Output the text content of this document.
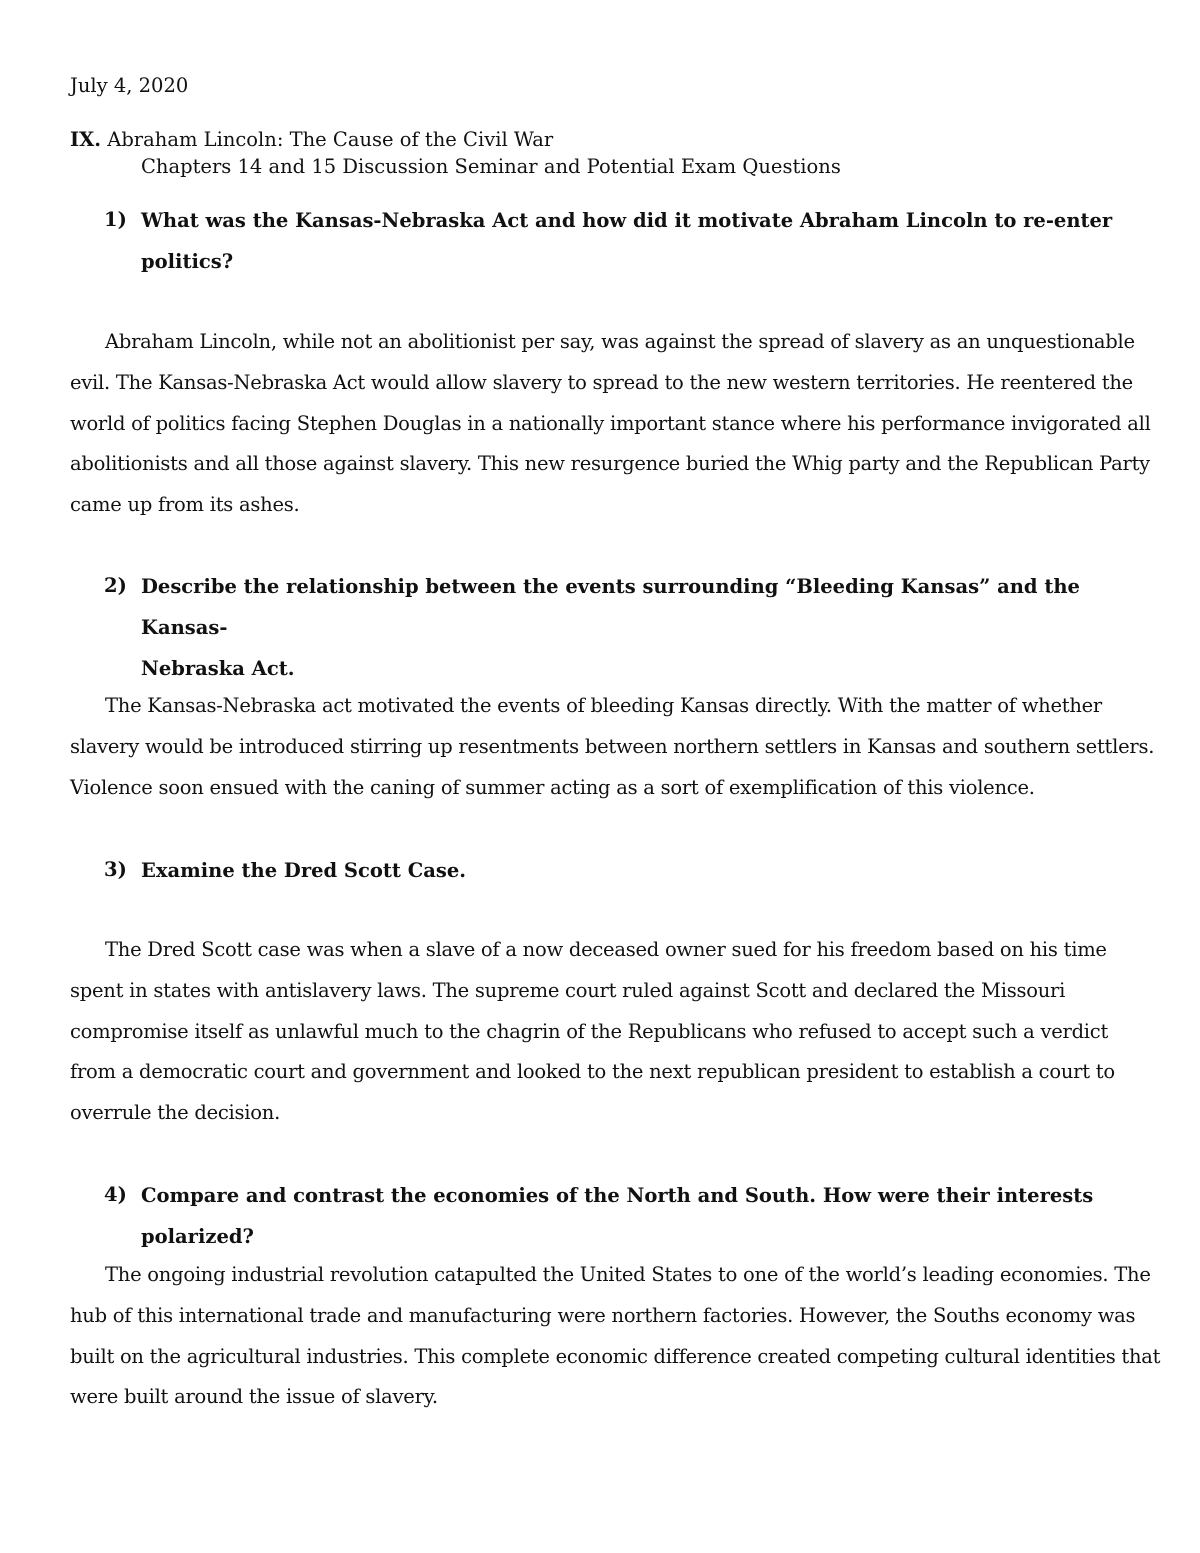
July 4, 2020
IX. Abraham Lincoln: The Cause of the Civil War
Chapters 14 and 15 Discussion Seminar and Potential Exam Questions
1) What was the Kansas-Nebraska Act and how did it motivate Abraham Lincoln to re-enter
politics?
Abraham Lincoln, while not an abolitionist per say, was against the spread of slavery as an unquestionable
evil. The Kansas-Nebraska Act would allow slavery to spread to the new western territories. He reentered the
world of politics facing Stephen Douglas in a nationally important stance where his performance invigorated all
abolitionists and all those against slavery. This new resurgence buried the Whig party and the Republican Party
came up from its ashes.
2) Describe the relationship between the events surrounding “Bleeding Kansas” and the Kansas-
Nebraska Act.
The Kansas-Nebraska act motivated the events of bleeding Kansas directly. With the matter of whether
slavery would be introduced stirring up resentments between northern settlers in Kansas and southern settlers.
Violence soon ensued with the caning of summer acting as a sort of exemplification of this violence.
3) Examine the Dred Scott Case.
The Dred Scott case was when a slave of a now deceased owner sued for his freedom based on his time
spent in states with antislavery laws. The supreme court ruled against Scott and declared the Missouri
compromise itself as unlawful much to the chagrin of the Republicans who refused to accept such a verdict
from a democratic court and government and looked to the next republican president to establish a court to
overrule the decision.
4) Compare and contrast the economies of the North and South. How were their interests polarized?
The ongoing industrial revolution catapulted the United States to one of the world’s leading economies. The
hub of this international trade and manufacturing were northern factories. However, the Souths economy was
built on the agricultural industries. This complete economic difference created competing cultural identities that
were built around the issue of slavery.
